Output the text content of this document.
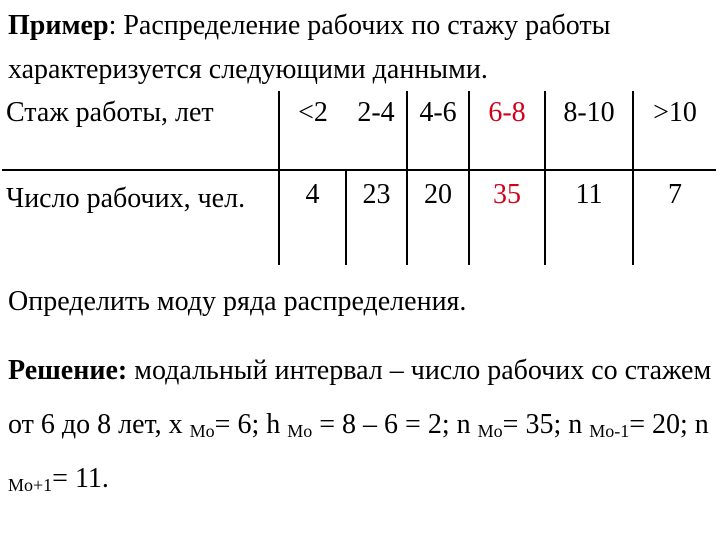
Пример: Распределение рабочих по стажу работы характеризуется следующими данными.
Стаж работы, лет	<2	2-4	4-6	6-8	8-10	>10
Число рабочих, чел.	4	23	20	35	11	7
Определить моду ряда распределения.
Решение: модальный интервал – число рабочих со стажем от 6 до 8 лет, x $_{Mo}$= 6; h $_{Mo}$ = 8 – 6 = 2; n $_{Mo}$= 35; n $_{Mo-1}$= 20; n $_{Mo+1}$= 11.
